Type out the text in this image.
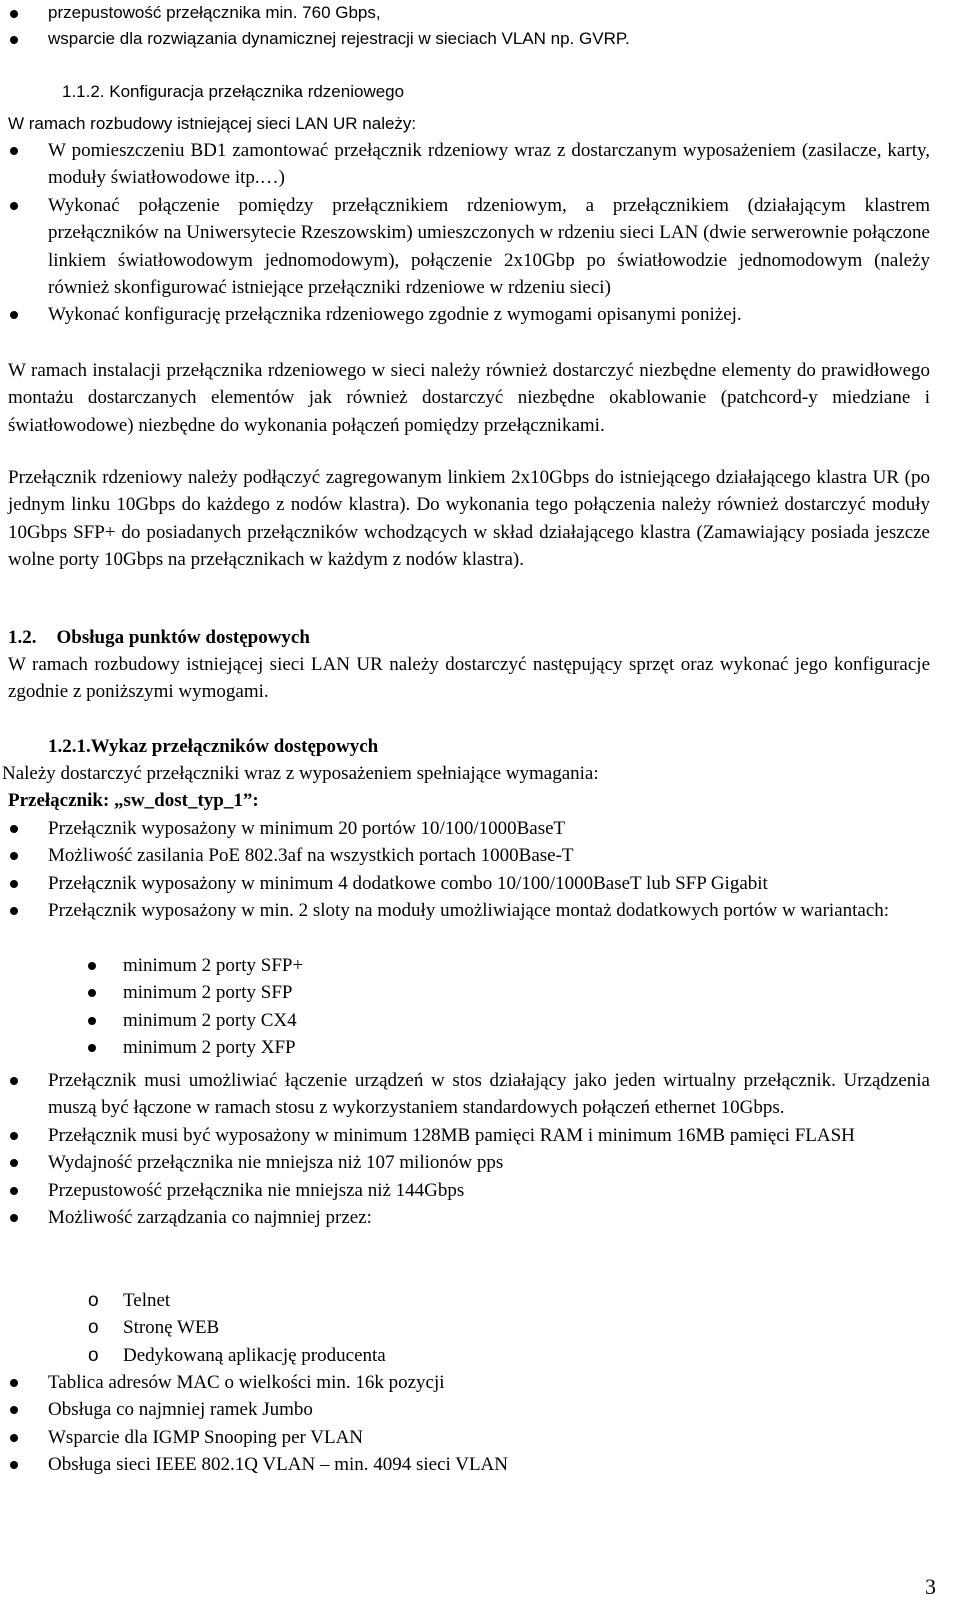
przepustowość przełącznika min. 760 Gbps,
wsparcie dla rozwiązania dynamicznej rejestracji w sieciach VLAN np. GVRP.
1.1.2. Konfiguracja przełącznika rdzeniowego
W ramach rozbudowy istniejącej sieci LAN UR należy:
W pomieszczeniu BD1 zamontować przełącznik rdzeniowy wraz z dostarczanym wyposażeniem (zasilacze, karty, moduły światłowodowe itp.…)
Wykonać połączenie pomiędzy przełącznikiem rdzeniowym, a przełącznikiem (działającym klastrem przełączników na Uniwersytecie Rzeszowskim) umieszczonych w rdzeniu sieci LAN (dwie serwerownie połączone linkiem światłowodowym jednomodowym), połączenie 2x10Gbp po światłowodzie jednomodowym (należy również skonfigurować istniejące przełączniki rdzeniowe w rdzeniu sieci)
Wykonać konfigurację przełącznika rdzeniowego zgodnie z wymogami opisanymi poniżej.
W ramach instalacji przełącznika rdzeniowego w sieci należy również dostarczyć niezbędne elementy do prawidłowego montażu dostarczanych elementów jak również dostarczyć niezbędne okablowanie (patchcord-y miedziane i światłowodowe) niezbędne do wykonania połączeń pomiędzy przełącznikami.
Przełącznik rdzeniowy należy podłączyć zagregowanym linkiem 2x10Gbps do istniejącego działającego klastra UR (po jednym linku 10Gbps do każdego z nodów klastra). Do wykonania tego połączenia należy również dostarczyć moduły 10Gbps SFP+ do posiadanych przełączników wchodzących w skład działającego klastra (Zamawiający posiada jeszcze wolne porty 10Gbps na przełącznikach w każdym z nodów klastra).
1.2. Obsługa punktów dostępowych
W ramach rozbudowy istniejącej sieci LAN UR należy dostarczyć następujący sprzęt oraz wykonać jego konfiguracje zgodnie z poniższymi wymogami.
1.2.1.Wykaz przełączników dostępowych
Należy dostarczyć przełączniki wraz z wyposażeniem spełniające wymagania:
Przełącznik: „sw_dost_typ_1”:
Przełącznik wyposażony w minimum 20 portów 10/100/1000BaseT
Możliwość zasilania PoE 802.3af na wszystkich portach 1000Base-T
Przełącznik wyposażony w minimum 4 dodatkowe combo 10/100/1000BaseT lub SFP Gigabit
Przełącznik wyposażony w min. 2 sloty na moduły umożliwiające montaż dodatkowych portów w wariantach:
minimum 2 porty SFP+
minimum 2 porty SFP
minimum 2 porty CX4
minimum 2 porty XFP
Przełącznik musi umożliwiać łączenie urządzeń w stos działający jako jeden wirtualny przełącznik. Urządzenia muszą być łączone w ramach stosu z wykorzystaniem standardowych połączeń ethernet 10Gbps.
Przełącznik musi być wyposażony w minimum 128MB pamięci RAM i minimum 16MB pamięci FLASH
Wydajność przełącznika nie mniejsza niż 107 milionów pps
Przepustowość przełącznika nie mniejsza niż 144Gbps
Możliwość zarządzania co najmniej przez:
o Telnet
o Stronę WEB
o Dedykowaną aplikację producenta
Tablica adresów MAC o wielkości min. 16k pozycji
Obsługa co najmniej ramek Jumbo
Wsparcie dla IGMP Snooping per VLAN
Obsługa sieci IEEE 802.1Q VLAN – min. 4094 sieci VLAN
3
